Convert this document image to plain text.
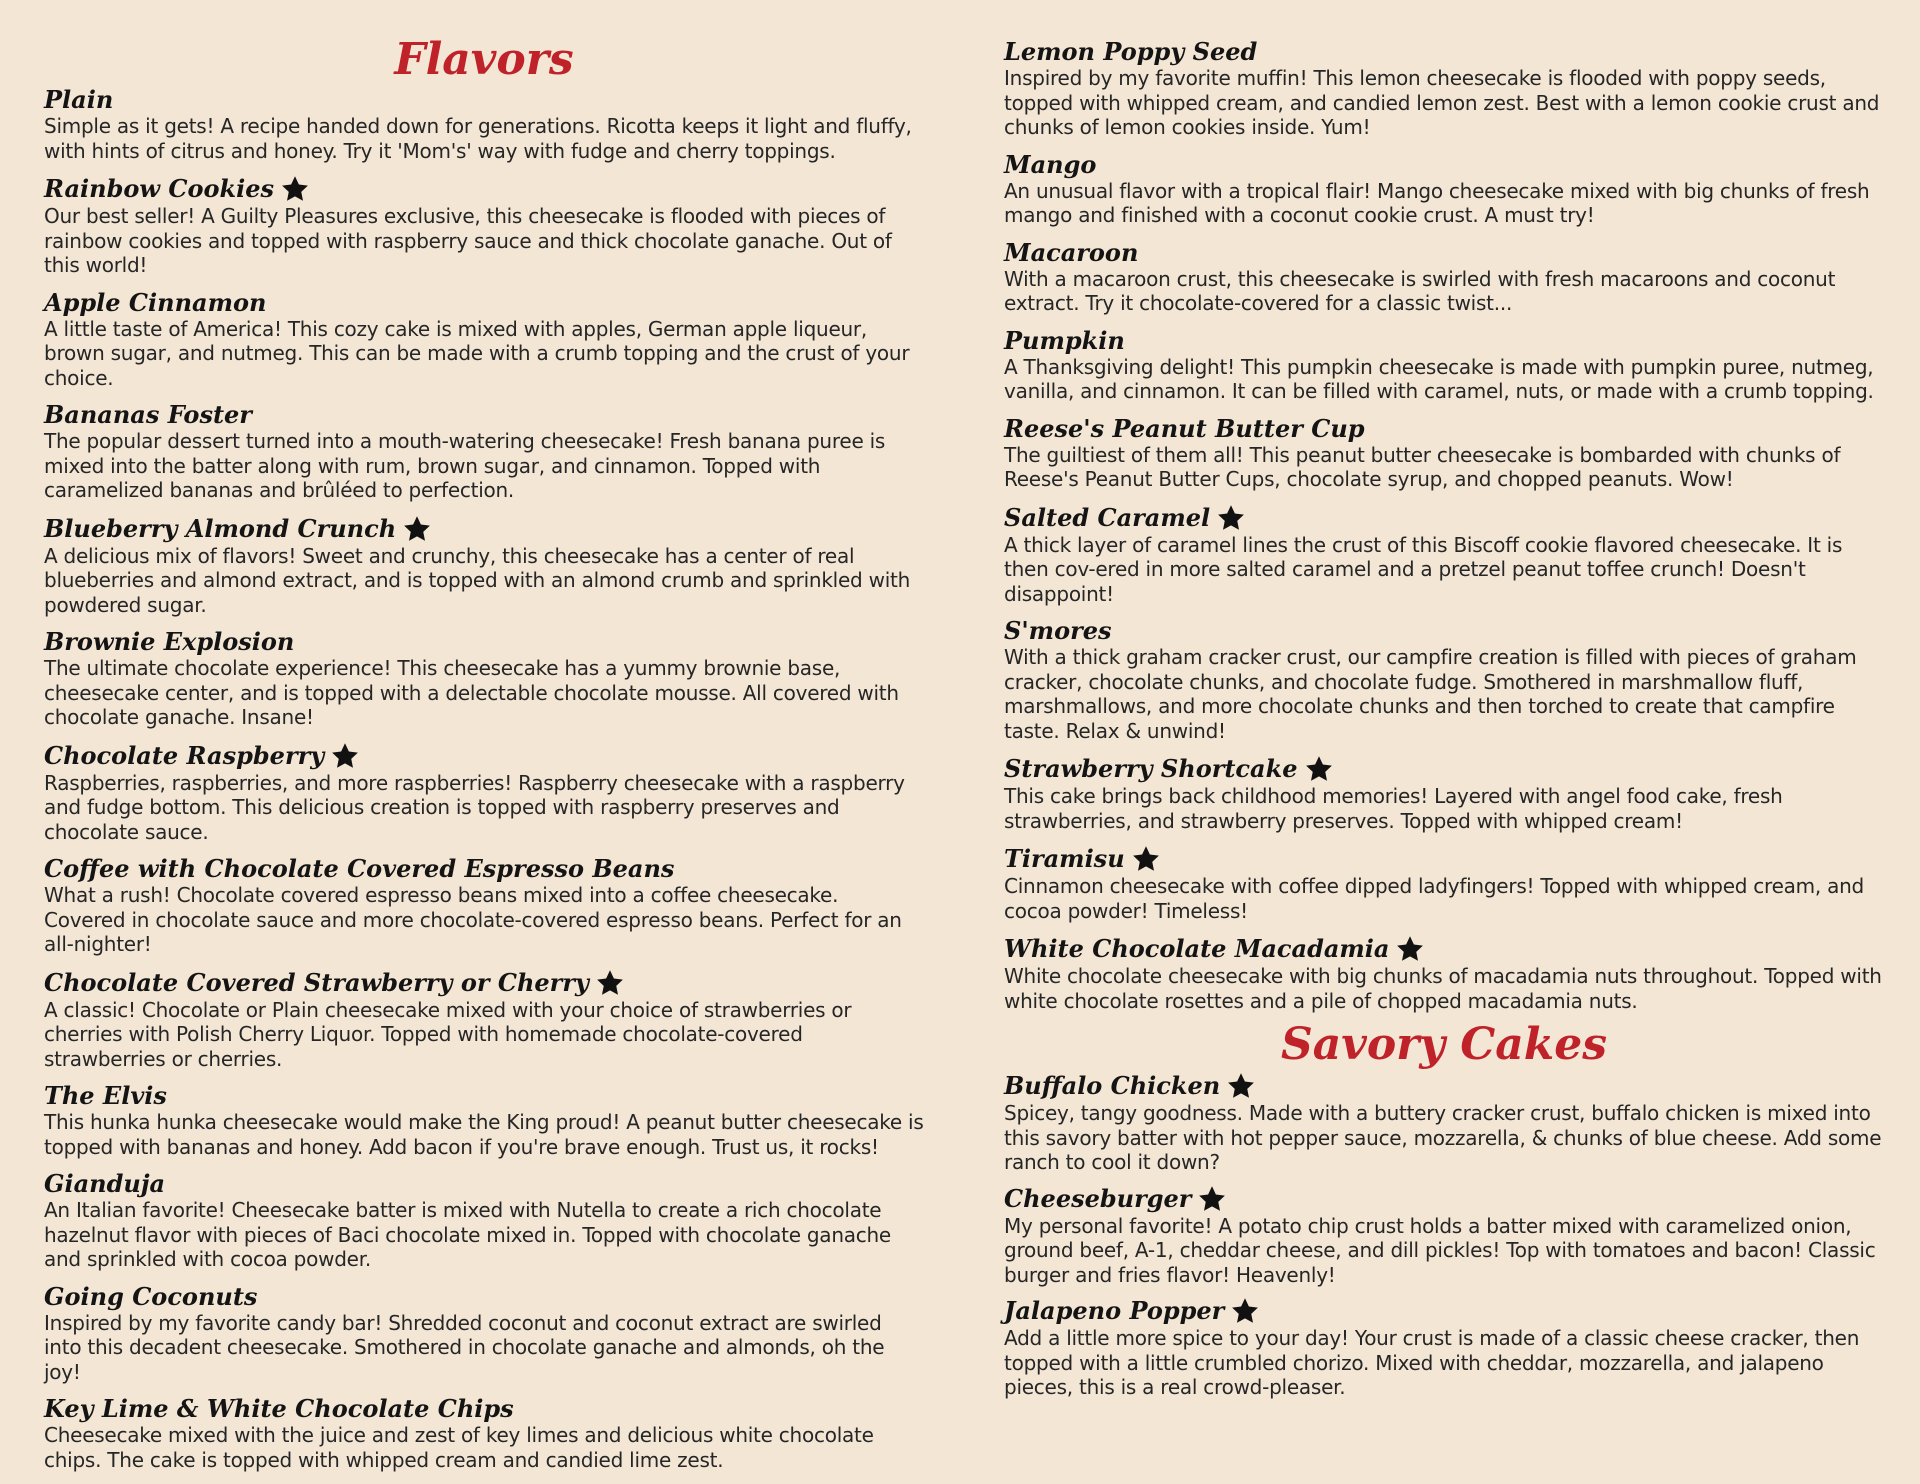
Flavors
Plain
Simple as it gets! A recipe handed down for generations. Ricotta keeps it light and fluffy, with hints of citrus and honey. Try it 'Mom's' way with fudge and cherry toppings.
Rainbow Cookies
Our best seller! A Guilty Pleasures exclusive, this cheesecake is flooded with pieces of rainbow cookies and topped with raspberry sauce and thick chocolate ganache. Out of this world!
Apple Cinnamon
A little taste of America! This cozy cake is mixed with apples, German apple liqueur, brown sugar, and nutmeg. This can be made with a crumb topping and the crust of your choice.
Bananas Foster
The popular dessert turned into a mouth-watering cheesecake! Fresh banana puree is mixed into the batter along with rum, brown sugar, and cinnamon. Topped with caramelized bananas and brûléed to perfection.
Blueberry Almond Crunch
A delicious mix of flavors! Sweet and crunchy, this cheesecake has a center of real blueberries and almond extract, and is topped with an almond crumb and sprinkled with powdered sugar.
Brownie Explosion
The ultimate chocolate experience! This cheesecake has a yummy brownie base, cheesecake center, and is topped with a delectable chocolate mousse. All covered with chocolate ganache. Insane!
Chocolate Raspberry
Raspberries, raspberries, and more raspberries! Raspberry cheesecake with a raspberry and fudge bottom. This delicious creation is topped with raspberry preserves and chocolate sauce.
Coffee with Chocolate Covered Espresso Beans
What a rush! Chocolate covered espresso beans mixed into a coffee cheesecake. Covered in chocolate sauce and more chocolate-covered espresso beans. Perfect for an all-nighter!
Chocolate Covered Strawberry or Cherry
A classic! Chocolate or Plain cheesecake mixed with your choice of strawberries or cherries with Polish Cherry Liquor. Topped with homemade chocolate-covered strawberries or cherries.
The Elvis
This hunka hunka cheesecake would make the King proud! A peanut butter cheesecake is topped with bananas and honey. Add bacon if you're brave enough. Trust us, it rocks!
Gianduja
An Italian favorite! Cheesecake batter is mixed with Nutella to create a rich chocolate hazelnut flavor with pieces of Baci chocolate mixed in. Topped with chocolate ganache and sprinkled with cocoa powder.
Going Coconuts
Inspired by my favorite candy bar! Shredded coconut and coconut extract are swirled into this decadent cheesecake. Smothered in chocolate ganache and almonds, oh the joy!
Key Lime & White Chocolate Chips
Cheesecake mixed with the juice and zest of key limes and delicious white chocolate chips. The cake is topped with whipped cream and candied lime zest.
Lemon Poppy Seed
Inspired by my favorite muffin! This lemon cheesecake is flooded with poppy seeds, topped with whipped cream, and candied lemon zest. Best with a lemon cookie crust and chunks of lemon cookies inside. Yum!
Mango
An unusual flavor with a tropical flair! Mango cheesecake mixed with big chunks of fresh mango and finished with a coconut cookie crust. A must try!
Macaroon
With a macaroon crust, this cheesecake is swirled with fresh macaroons and coconut extract. Try it chocolate-covered for a classic twist...
Pumpkin
A Thanksgiving delight! This pumpkin cheesecake is made with pumpkin puree, nutmeg, vanilla, and cinnamon. It can be filled with caramel, nuts, or made with a crumb topping.
Reese's Peanut Butter Cup
The guiltiest of them all! This peanut butter cheesecake is bombarded with chunks of Reese's Peanut Butter Cups, chocolate syrup, and chopped peanuts. Wow!
Salted Caramel
A thick layer of caramel lines the crust of this Biscoff cookie flavored cheesecake. It is then cov-ered in more salted caramel and a pretzel peanut toffee crunch! Doesn't disappoint!
S'mores
With a thick graham cracker crust, our campfire creation is filled with pieces of graham cracker, chocolate chunks, and chocolate fudge. Smothered in marshmallow fluff, marshmallows, and more chocolate chunks and then torched to create that campfire taste. Relax & unwind!
Strawberry Shortcake
This cake brings back childhood memories! Layered with angel food cake, fresh strawberries, and strawberry preserves. Topped with whipped cream!
Tiramisu
Cinnamon cheesecake with coffee dipped ladyfingers! Topped with whipped cream, and cocoa powder! Timeless!
White Chocolate Macadamia
White chocolate cheesecake with big chunks of macadamia nuts throughout. Topped with white chocolate rosettes and a pile of chopped macadamia nuts.
Savory Cakes
Buffalo Chicken
Spicey, tangy goodness. Made with a buttery cracker crust, buffalo chicken is mixed into this savory batter with hot pepper sauce, mozzarella, & chunks of blue cheese. Add some ranch to cool it down?
Cheeseburger
My personal favorite! A potato chip crust holds a batter mixed with caramelized onion, ground beef, A-1, cheddar cheese, and dill pickles! Top with tomatoes and bacon! Classic burger and fries flavor! Heavenly!
Jalapeno Popper
Add a little more spice to your day! Your crust is made of a classic cheese cracker, then topped with a little crumbled chorizo. Mixed with cheddar, mozzarella, and jalapeno pieces, this is a real crowd-pleaser.
